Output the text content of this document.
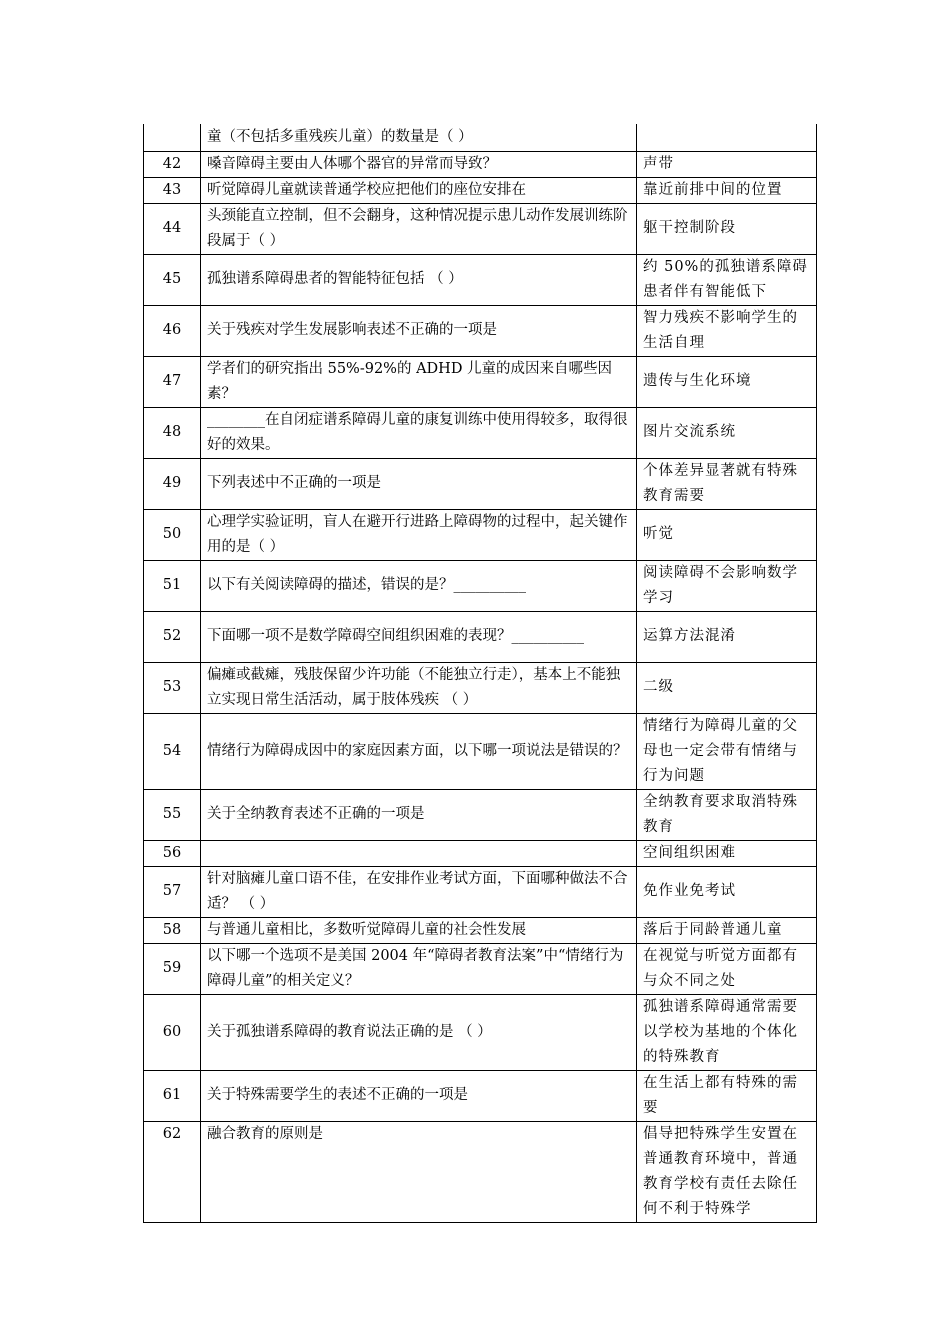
	童（不包括多重残疾儿童）的数量是（ ）	
42	嗓音障碍主要由人体哪个器官的异常而导致？	声带
43	听觉障碍儿童就读普通学校应把他们的座位安排在	靠近前排中间的位置
44	头颈能直立控制，但不会翻身，这种情况提示患儿动作发展训练阶段属于（ ）	躯干控制阶段
45	孤独谱系障碍患者的智能特征包括 （ ）	约 50%的孤独谱系障碍患者伴有智能低下
46	关于残疾对学生发展影响表述不正确的一项是	智力残疾不影响学生的生活自理
47	学者们的研究指出 55%-92%的 ADHD 儿童的成因来自哪些因素？	遗传与生化环境
48	________在自闭症谱系障碍儿童的康复训练中使用得较多，取得很好的效果。	图片交流系统
49	下列表述中不正确的一项是	个体差异显著就有特殊教育需要
50	心理学实验证明，盲人在避开行进路上障碍物的过程中，起关键作用的是（ ）	听觉
51	以下有关阅读障碍的描述，错误的是？__________	阅读障碍不会影响数学学习
52	下面哪一项不是数学障碍空间组织困难的表现？__________	运算方法混淆
53	偏瘫或截瘫，残肢保留少许功能（不能独立行走），基本上不能独立实现日常生活活动，属于肢体残疾 （ ）	二级
54	情绪行为障碍成因中的家庭因素方面，以下哪一项说法是错误的？	情绪行为障碍儿童的父母也一定会带有情绪与行为问题
55	关于全纳教育表述不正确的一项是	全纳教育要求取消特殊教育
56		空间组织困难
57	针对脑瘫儿童口语不佳，在安排作业考试方面，下面哪种做法不合适？ （ ）	免作业免考试
58	与普通儿童相比，多数听觉障碍儿童的社会性发展	落后于同龄普通儿童
59	以下哪一个选项不是美国 2004 年“障碍者教育法案”中“情绪行为障碍儿童”的相关定义？	在视觉与听觉方面都有与众不同之处
60	关于孤独谱系障碍的教育说法正确的是 （ ）	孤独谱系障碍通常需要以学校为基地的个体化的特殊教育
61	关于特殊需要学生的表述不正确的一项是	在生活上都有特殊的需要
62	融合教育的原则是	倡导把特殊学生安置在普通教育环境中，普通教育学校有责任去除任何不利于特殊学
